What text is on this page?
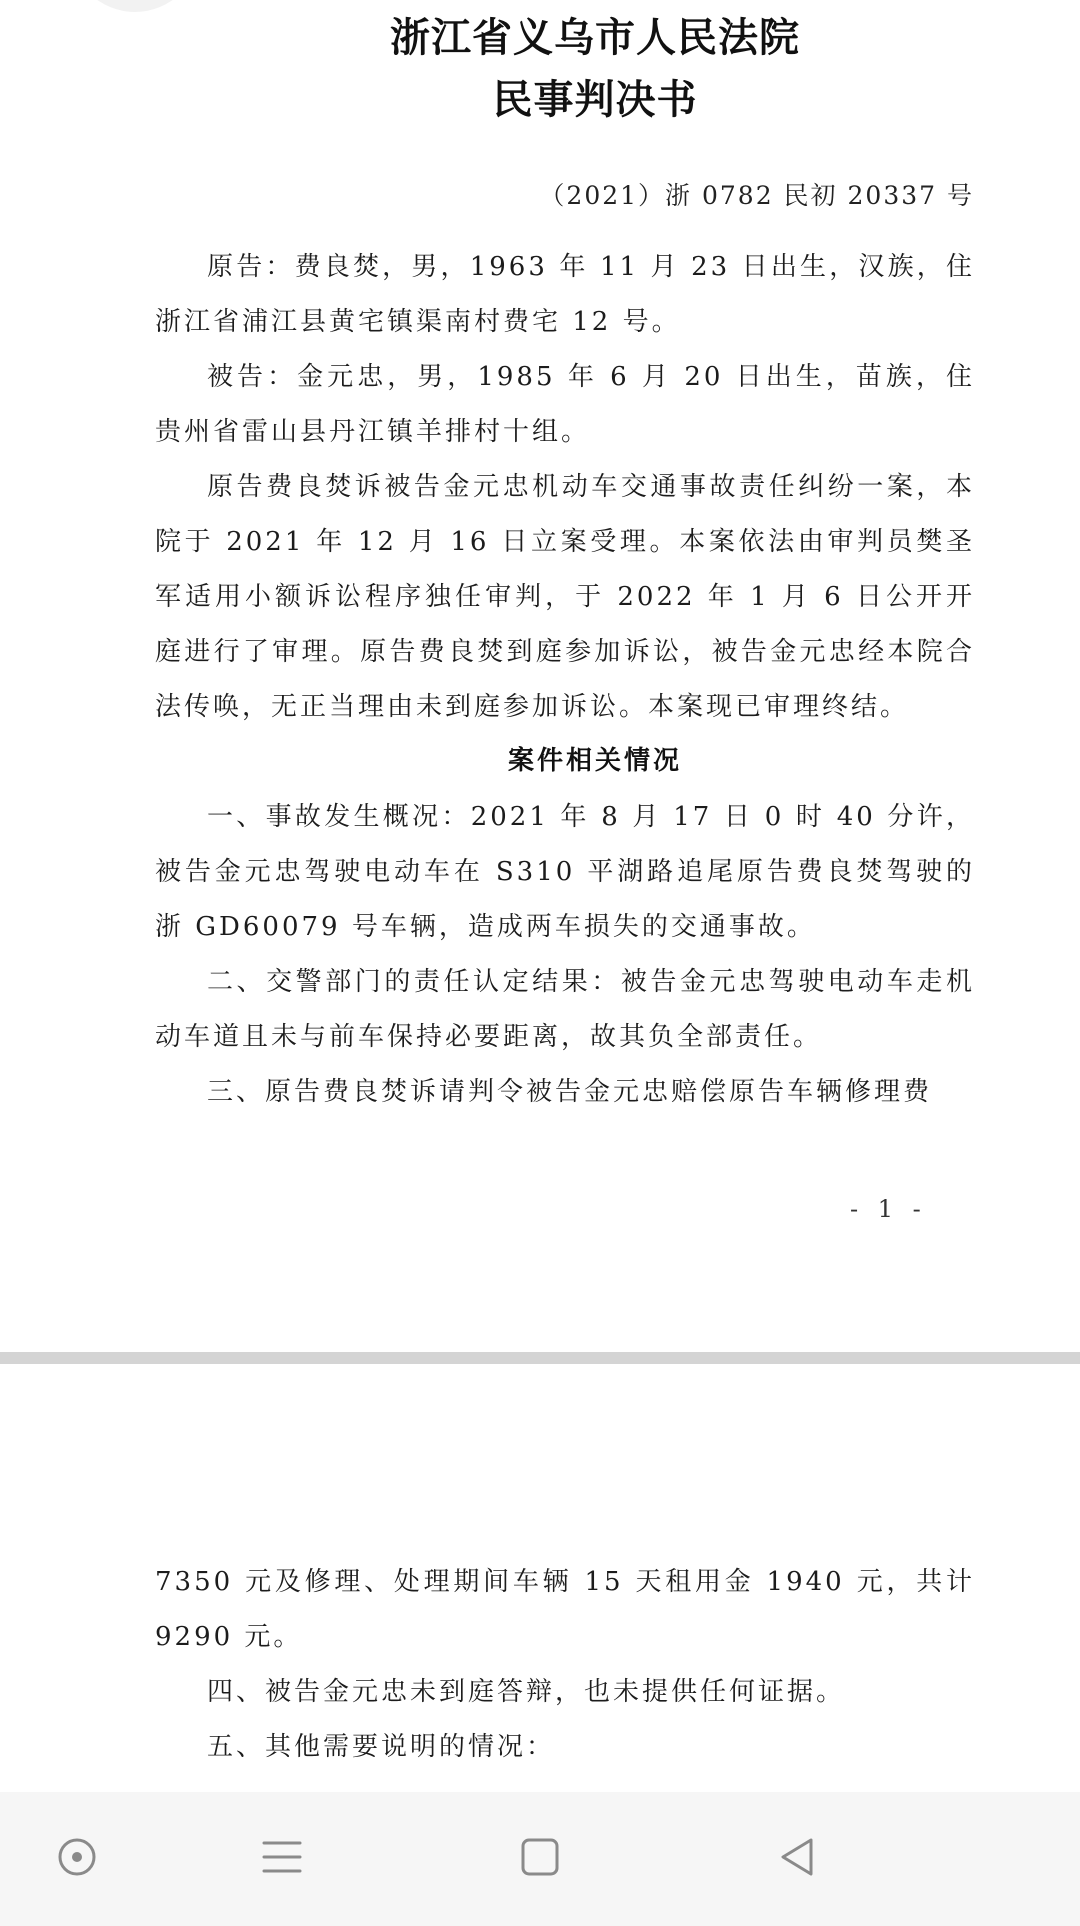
浙江省义乌市人民法院
民事判决书
（2021）浙 0782 民初 20337 号

原告：费良焚，男，1963 年 11 月 23 日出生，汉族，住浙江省浦江县黄宅镇渠南村费宅 12 号。

被告：金元忠，男，1985 年 6 月 20 日出生，苗族，住贵州省雷山县丹江镇羊排村十组。

原告费良焚诉被告金元忠机动车交通事故责任纠纷一案，本院于 2021 年 12 月 16 日立案受理。本案依法由审判员樊圣军适用小额诉讼程序独任审判，于 2022 年 1 月 6 日公开开庭进行了审理。原告费良焚到庭参加诉讼，被告金元忠经本院合法传唤，无正当理由未到庭参加诉讼。本案现已审理终结。

案件相关情况

一、事故发生概况：2021 年 8 月 17 日 0 时 40 分许，被告金元忠驾驶电动车在 S310 平湖路追尾原告费良焚驾驶的浙 GD60079 号车辆，造成两车损失的交通事故。

二、交警部门的责任认定结果：被告金元忠驾驶电动车走机动车道且未与前车保持必要距离，故其负全部责任。

三、原告费良焚诉请判令被告金元忠赔偿原告车辆修理费

- 1 -

7350 元及修理、处理期间车辆 15 天租用金 1940 元，共计 9290 元。

四、被告金元忠未到庭答辩，也未提供任何证据。

五、其他需要说明的情况：
